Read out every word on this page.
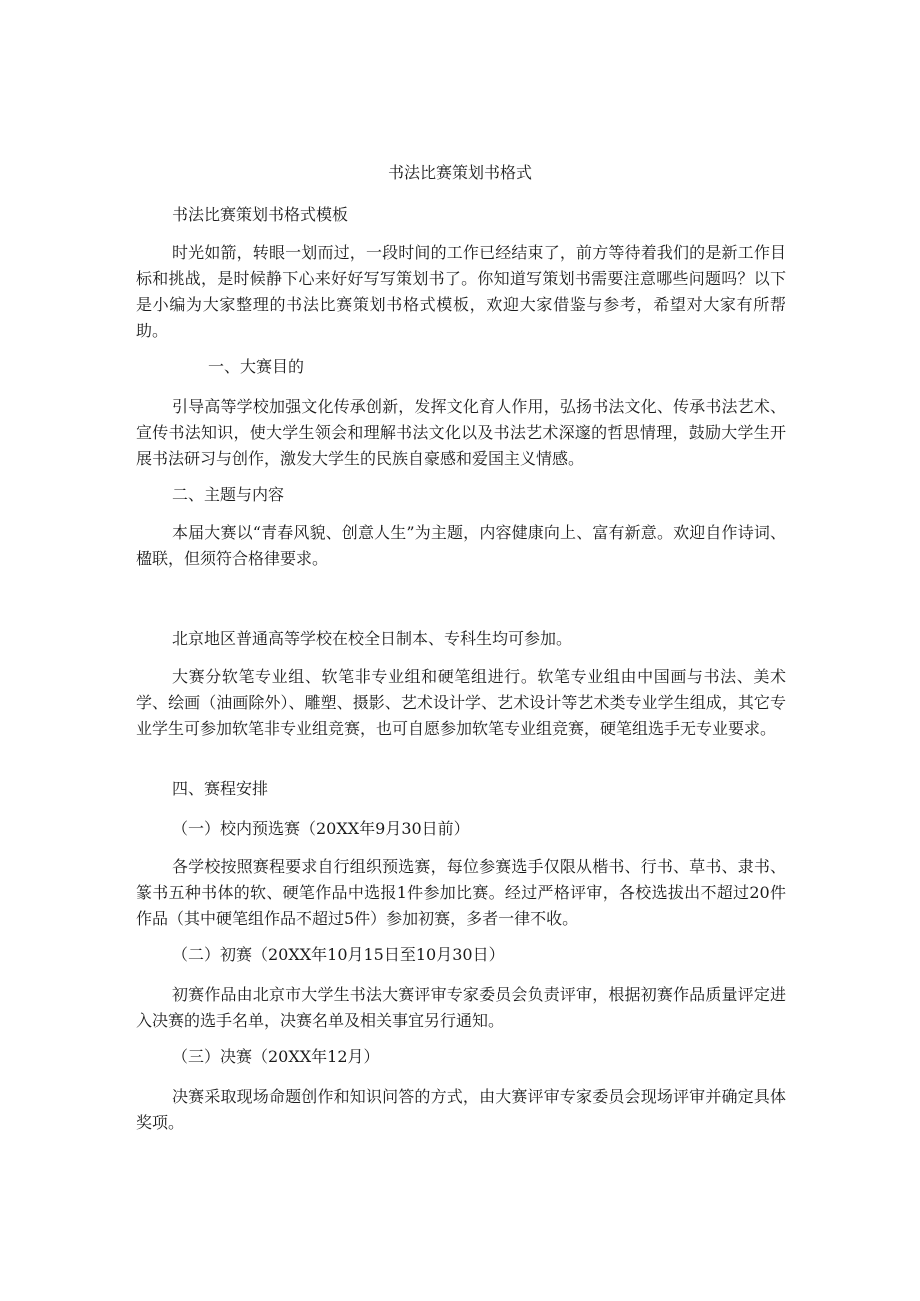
书法比赛策划书格式
书法比赛策划书格式模板

时光如箭，转眼一划而过，一段时间的工作已经结束了，前方等待着我们的是新工作目标和挑战，是时候静下心来好好写写策划书了。你知道写策划书需要注意哪些问题吗？以下是小编为大家整理的书法比赛策划书格式模板，欢迎大家借鉴与参考，希望对大家有所帮助。

一、大赛目的

引导高等学校加强文化传承创新，发挥文化育人作用，弘扬书法文化、传承书法艺术、宣传书法知识，使大学生领会和理解书法文化以及书法艺术深邃的哲思情理，鼓励大学生开展书法研习与创作，激发大学生的民族自豪感和爱国主义情感。

二、主题与内容

本届大赛以“青春风貌、创意人生”为主题，内容健康向上、富有新意。欢迎自作诗词、楹联，但须符合格律要求。

北京地区普通高等学校在校全日制本、专科生均可参加。

大赛分软笔专业组、软笔非专业组和硬笔组进行。软笔专业组由中国画与书法、美术学、绘画（油画除外）、雕塑、摄影、艺术设计学、艺术设计等艺术类专业学生组成，其它专业学生可参加软笔非专业组竞赛，也可自愿参加软笔专业组竞赛，硬笔组选手无专业要求。

四、赛程安排
（一）校内预选赛（20XX年9月30日前）

各学校按照赛程要求自行组织预选赛，每位参赛选手仅限从楷书、行书、草书、隶书、篆书五种书体的软、硬笔作品中选报1件参加比赛。经过严格评审，各校选拔出不超过20件作品（其中硬笔组作品不超过5件）参加初赛，多者一律不收。

（二）初赛（20XX年10月15日至10月30日）

初赛作品由北京市大学生书法大赛评审专家委员会负责评审，根据初赛作品质量评定进入决赛的选手名单，决赛名单及相关事宜另行通知。

（三）决赛（20XX年12月）

决赛采取现场命题创作和知识问答的方式，由大赛评审专家委员会现场评审并确定具体奖项。
